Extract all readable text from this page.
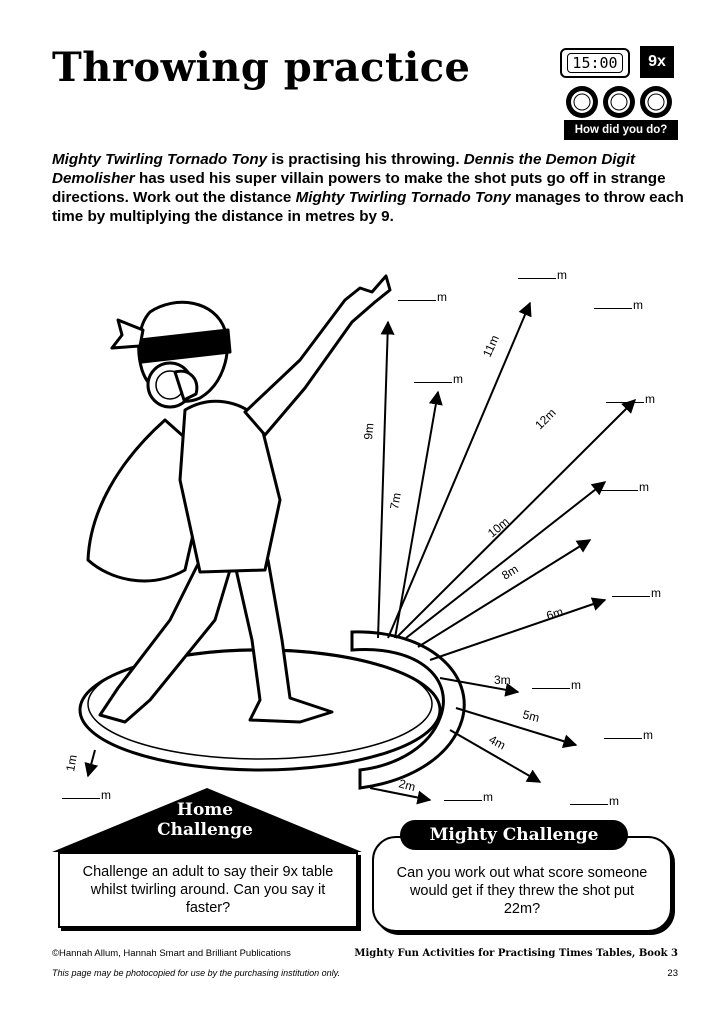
Throwing practice	15:00	9x
How did you do?

Mighty Twirling Tornado Tony is practising his throwing. Dennis the Demon Digit Demolisher has used his super villain powers to make the shot puts go off in strange directions. Work out the distance Mighty Twirling Tornado Tony manages to throw each time by multiplying the distance in metres by 9.

1m
2m
4m
5m
3m
6m
8m
10m
12m
11m
9m
7m
m	m	m
m
m
m
m
m
m
m
m
m
Home
Challenge
Challenge an adult to say their 9x table whilst twirling around. Can you say it faster?
Can you work out what score someone would get if they threw the shot put 22m?
Mighty Challenge
©Hannah Allum, Hannah Smart and Brilliant Publications	Mighty Fun Activities for Practising Times Tables, Book 3
This page may be photocopied for use by the purchasing institution only.	23
